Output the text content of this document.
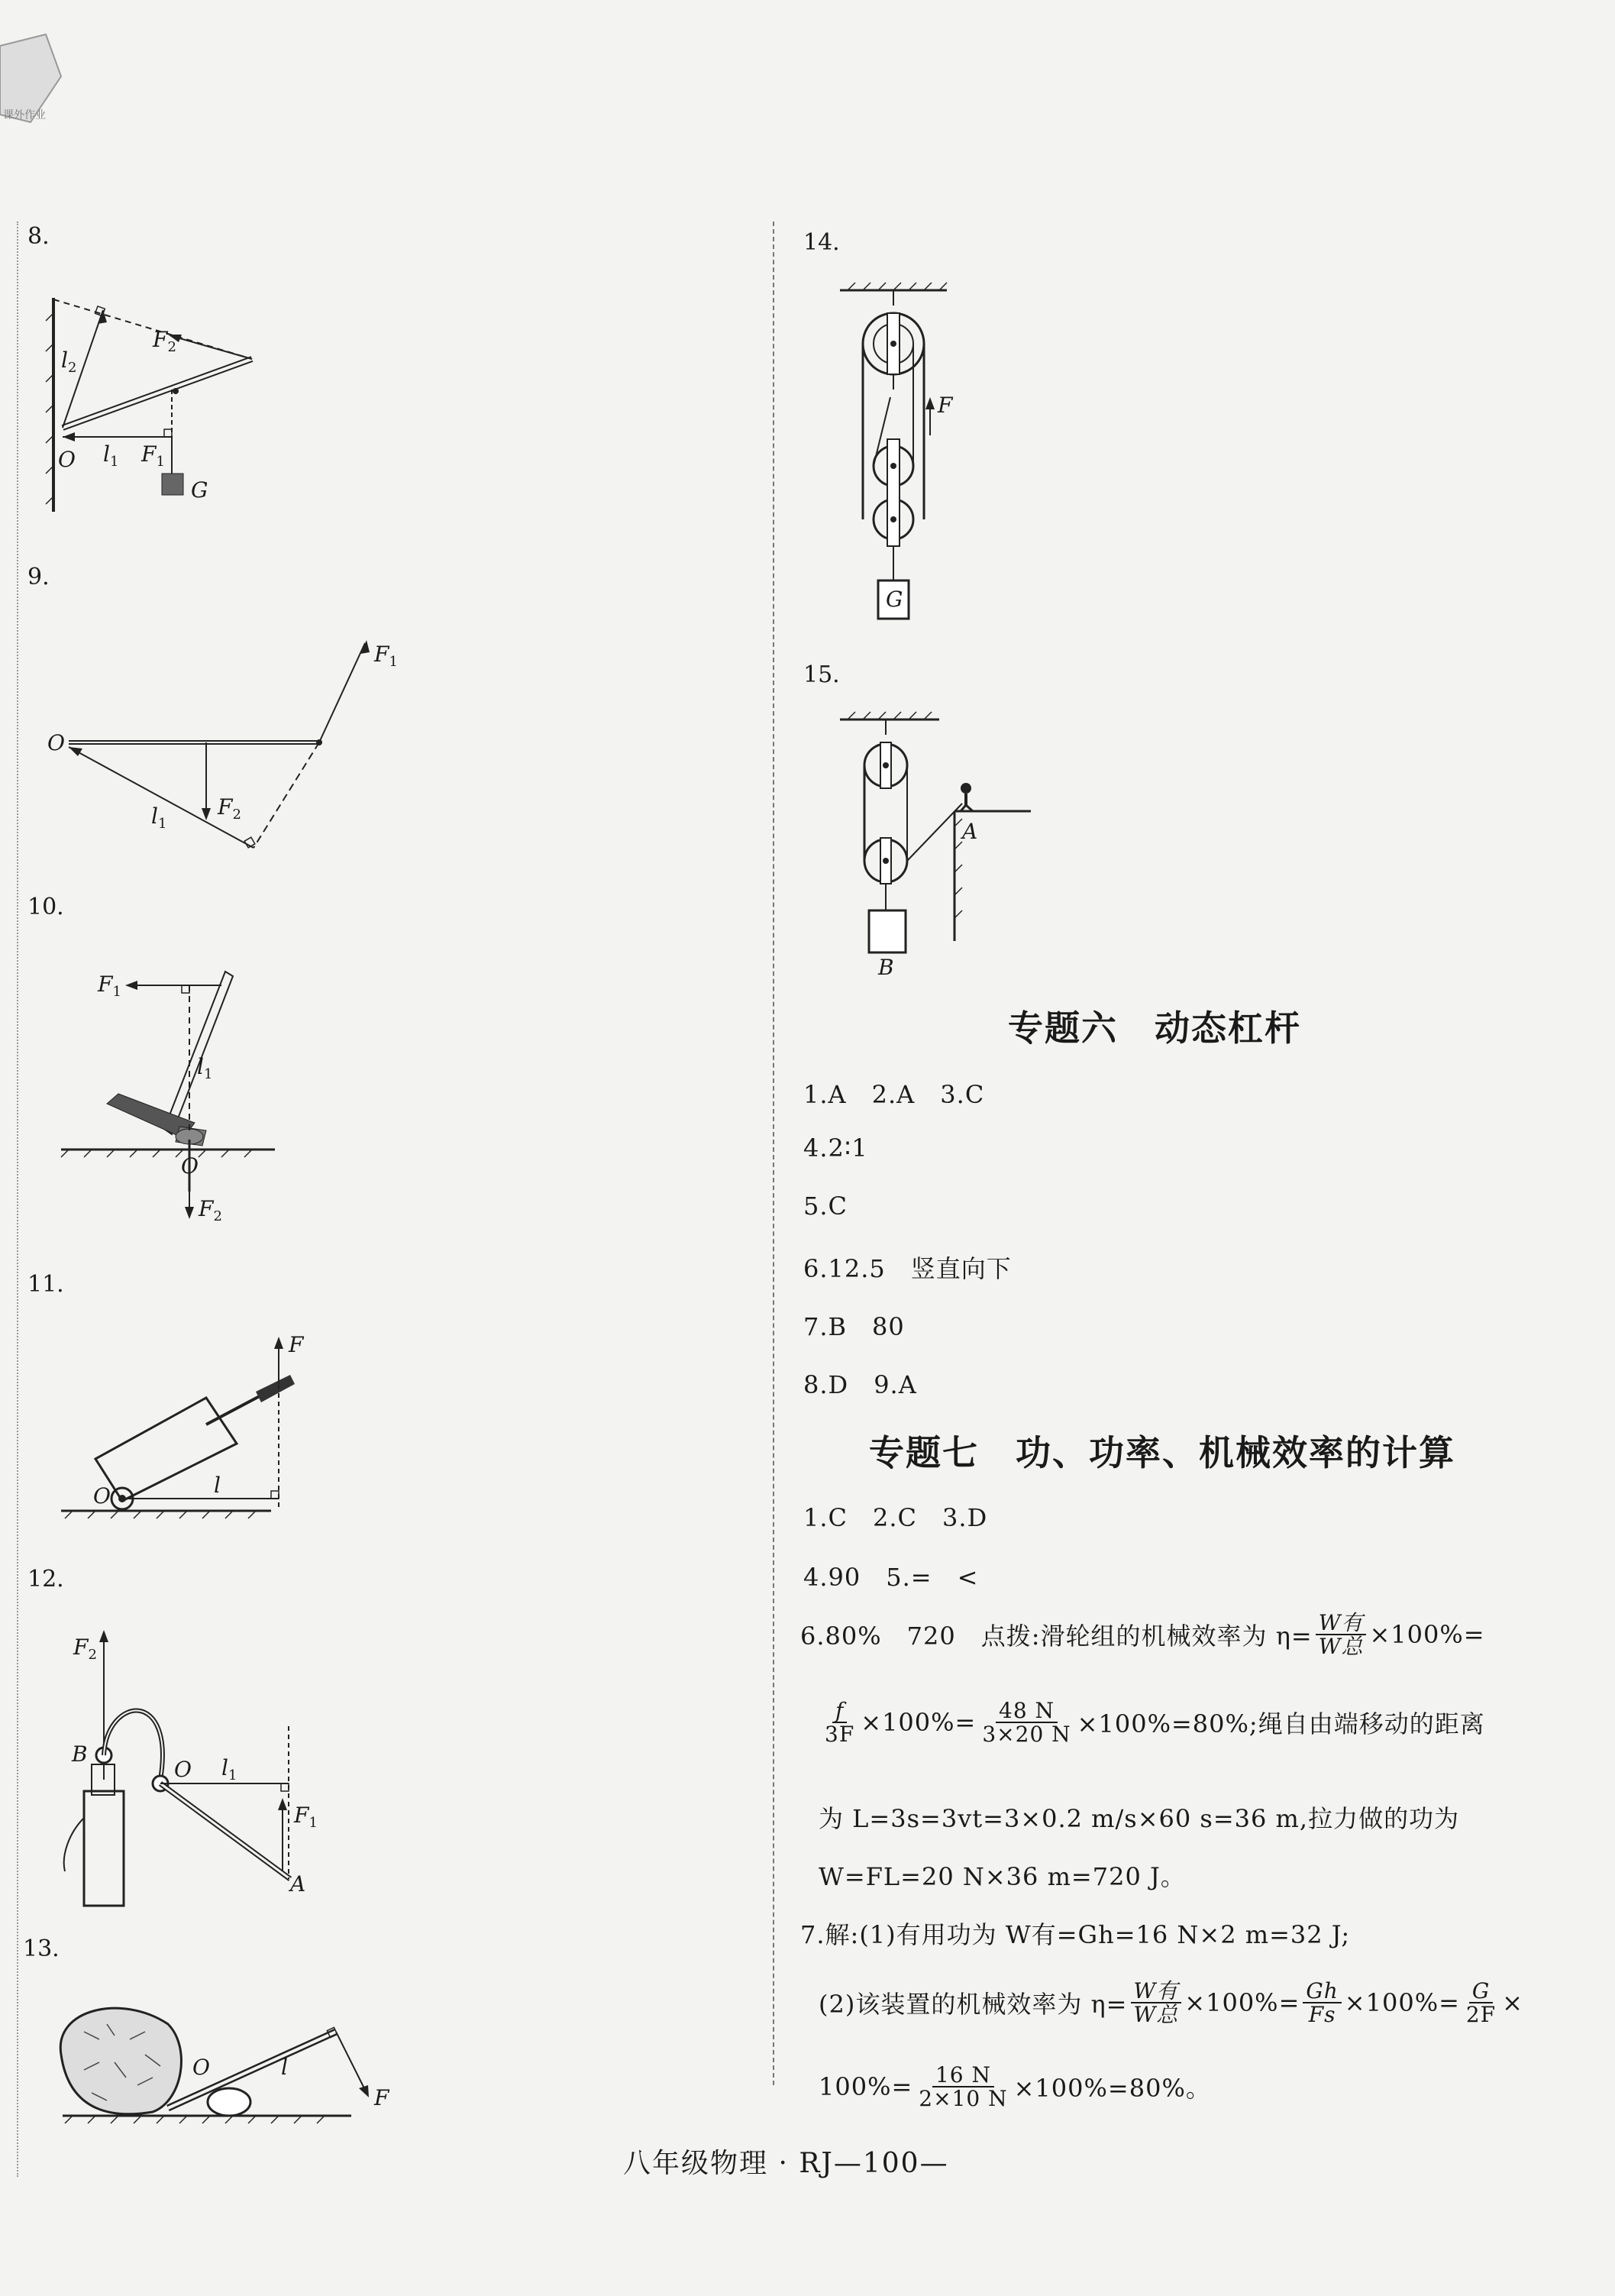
课外作业
8.
$l_2$
$F_2$
O $l_1$ $F_1$
G
9.
O
$F_1$
$F_2$
$l_1$
10.
$F_1$
$l_1$
O
$F_2$
11.
F
O	l
12.
$F_2$
B
O $l_1$
$F_1$
A
13.
O	l
F
14.
F
G
15.
A
B
专题六　动态杠杆
1.A　2.A　3.C
4.2∶1
5.C
6.12.5　竖直向下
7.B　80
8.D　9.A
专题七　功、功率、机械效率的计算
1.C　2.C　3.D
4.90　5.=　<
6.80%　720　点拨:滑轮组的机械效率为 $\eta= \frac{\text{W有}}{\text{W总}} \times 100\%=$
$\frac{f}{3F} \times 100\%= \frac{48 N}{3\times 20 N} \times 100\%=80\%$;绳自由端移动的距离
为 L=3s=3vt=3×0.2 m/s×60 s=36 m,拉力做的功为
W=FL=20 N×36 m=720 J。
7.解:(1)有用功为 W有=Gh=16 N×2 m=32 J;
(2)该装置的机械效率为 $\eta= \frac{\text{W有}}{\text{W总}} \times 100\%= \frac{Gh}{Fs} \times 100\%= \frac{G}{2F}$ ×
$100\%= \frac{16 N}{2\times 10 N} \times 100\%=80\%$。
八年级物理 · RJ—100—
